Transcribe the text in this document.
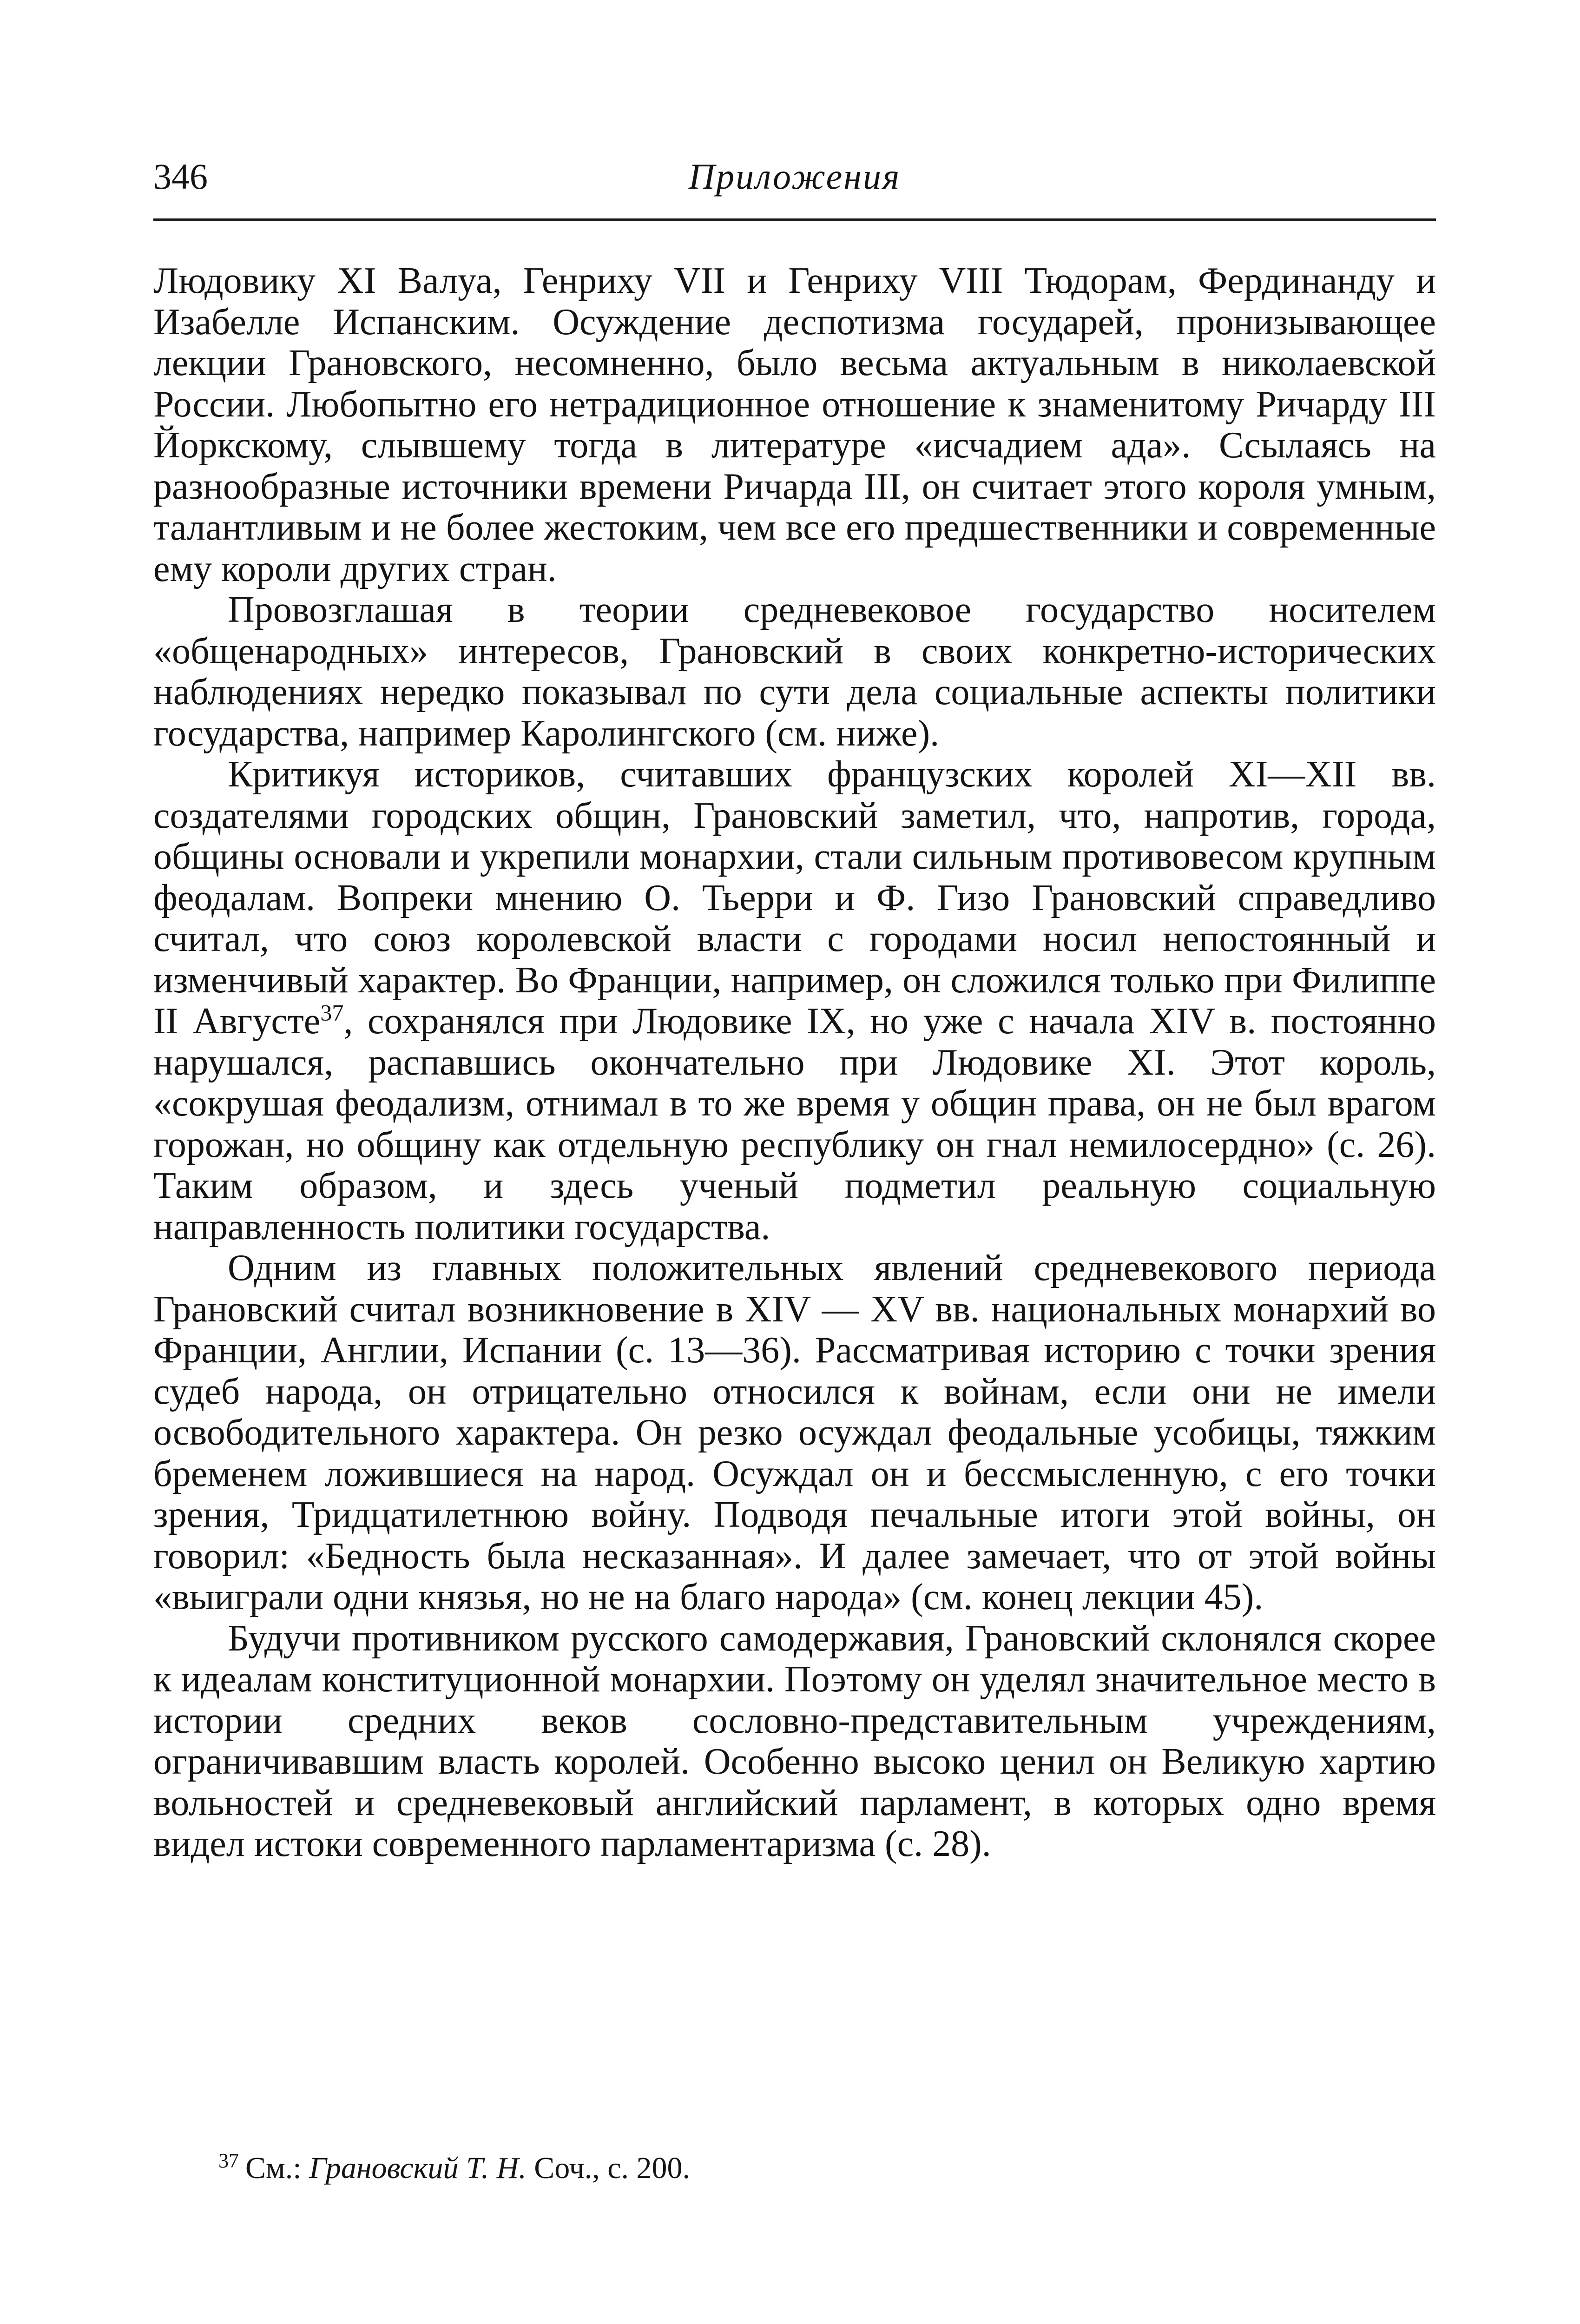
Приложения
346

Людовику XI Валуа, Генриху VII и Генриху VIII Тюдорам, Фердинанду и Изабелле Испанским. Осуждение деспотизма государей, пронизывающее лекции Грановского, несомненно, было весьма актуальным в николаевской России. Любопытно его нетрадиционное отношение к знаменитому Ричарду III Йоркскому, слывшему тогда в литературе «исчадием ада». Ссылаясь на разнообразные источники времени Ричарда III, он считает этого короля умным, талантливым и не более жестоким, чем все его предшественники и современные ему короли других стран.

Провозглашая в теории средневековое государство носителем «общенародных» интересов, Грановский в своих конкретно-исторических наблюдениях нередко показывал по сути дела социальные аспекты политики государства, например Каролингского (см. ниже).

Критикуя историков, считавших французских королей XI—XII вв. создателями городских общин, Грановский заметил, что, напротив, города, общины основали и укрепили монархии, стали сильным противовесом крупным феодалам. Вопреки мнению О. Тьерри и Ф. Гизо Грановский справедливо считал, что союз королевской власти с городами носил непостоянный и изменчивый характер. Во Франции, например, он сложился только при Филиппе II Августе$^{37}$, сохранялся при Людовике IX, но уже с начала XIV в. постоянно нарушался, распавшись окончательно при Людовике XI. Этот король, «сокрушая феодализм, отнимал в то же время у общин права, он не был врагом горожан, но общину как отдельную республику он гнал немилосердно» (с. 26). Таким образом, и здесь ученый подметил реальную социальную направленность политики государства.

Одним из главных положительных явлений средневекового периода Грановский считал возникновение в XIV — XV вв. национальных монархий во Франции, Англии, Испании (с. 13—36). Рассматривая историю с точки зрения судеб народа, он отрицательно относился к войнам, если они не имели освободительного характера. Он резко осуждал феодальные усобицы, тяжким бременем ложившиеся на народ. Осуждал он и бессмысленную, с его точки зрения, Тридцатилетнюю войну. Подводя печальные итоги этой войны, он говорил: «Бедность была несказанная». И далее замечает, что от этой войны «выиграли одни князья, но не на благо народа» (см. конец лекции 45).

Будучи противником русского самодержавия, Грановский склонялся скорее к идеалам конституционной монархии. Поэтому он уделял значительное место в истории средних веков сословно-представительным учреждениям, ограничивавшим власть королей. Особенно высоко ценил он Великую хартию вольностей и средневековый английский парламент, в которых одно время видел истоки современного парламентаризма (с. 28).

$^{37}$ См.: Грановский Т. Н. Соч., с. 200.
